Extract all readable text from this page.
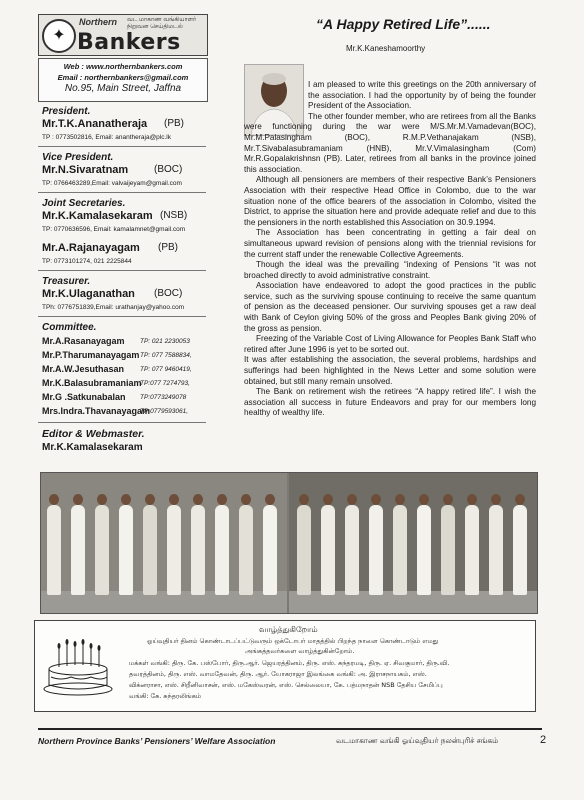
✦
Northern வட மாகாண வங்கியாளர் நிறுவன செய்திமடல்
Bankers
Web : www.northernbankers.com
Email : northernbankers@gmail.com
No.95, Main Street, Jaffna
President.
Mr.T.K.Ananatheraja (PB)
TP : 0773502816, Email: anantheraja@plc.lk
Vice President.
Mr.N.Sivaratnam	(BOC)
TP: 0766463289,Email: valvaijeyam@gmail.com
Joint Secretaries.
Mr.K.Kamalasekaram (NSB)
TP: 0770636596, Email: kamalamnet@gmail.com
Mr.A.Rajanayagam (PB)
TP: 0773101274, 021 2225844
Treasurer.
Mr.K.Ulaganathan (BOC)
TPh: 0776751839,Email: urathanjay@yahoo.com
Committee.
Mr.A.Rasanayagam TP: 021 2230053
Mr.P.Tharumanayagam TP: 077 7588834,
Mr.A.W.Jesuthasan TP: 077 9460419,
Mr.K.Balasubramaniam
TP:077 7274793,
Mr.G .Satkunabalan TP:0773249078
Mrs.Indra.Thavanayagam
TP:0779593061,
Editor & Webmaster.
Mr.K.Kamalasekaram
“A Happy Retired Life”......
Mr.K.Kaneshamoorthy

I am pleased to write this greetings on the 20th anniversary of the association. I had the opportunity by of being the founder President of the Association.

The other founder member, who are retirees from all the Banks were functioning during the war were M/S.Mr.M.Vamadevan(BOC), Mr.M.Palasingham (BOC), R.M.P.Vethanajakam (NSB), Mr.T.Sivabalasubramaniam (HNB), Mr.V.Vimalasingham (Com) Mr.R.Gopalakrishnsn (PB). Later, retirees from all banks in the province joined this association.

Although all pensioners are members of their respective Bank’s Pensioners Association with their respective Head Office in Colombo, due to the war situation none of the office bearers of the association in Colombo, visited the District, to apprise the situation here and provide adequate relief and due to this the pensioners in the north established this Association on 30.9.1994.

The Association has been concentrating in getting a fair deal on simultaneous upward revision of pensions along with the triennial revisions for the current staff under the renewable Collective Agreements.

Though the ideal was the prevailing “indexing of Pensions “it was not broached directly to avoid administrative constraint.

Association have endeavored to adopt the good practices in the public service, such as the surviving spouse continuing to receive the same quantum of pension as the deceased pensioner. Our surviving spouses get a raw deal with Bank of Ceylon giving 50% of the gross and Peoples Bank giving 20% of the gross as pension.

Freezing of the Variable Cost of Living Allowance for Peoples Bank Staff who retired after June 1996 is yet to be sorted out.

It was after establishing the association, the several problems, hardships and sufferings had been highlighted in the News Letter and some solution were obtained, but still many remain unsolved.

The Bank on retirement wish the retirees “A happy retired life”. I wish the association all success in future Endeavors and pray for our members long healthy of wealthy life.

வாழ்த்துகிறோம்
ஓய்வுதியர் தினம் கொண்டாடப்பட்டுவரும் ஒக்டோபர் மாதத்தில் பிறந்த நாளை கொண்டாடும் எமது
அங்கத்தவர்களை வாழ்த்துகின்றோம்.
மக்கள் வங்கி: திரு. கே. பஸ்போர், திரு.ஆர். ஜெயரத்தினம், திரு. எஸ். சுந்தரமடி, திரு. ஏ. சிவகுமார், திரு.வி.
தவரத்தினம், திரு. எஸ். வாமதேவன், திரு. ஆர். யோகராஜா இலங்கை வங்கி: அ. இராசநாயகம், எஸ்.
விக்னராசா, எஸ். சிறீனிவாசன், எஸ். மகேஸ்வரன், எஸ். செல்லையா, கே. பத்மநாதன் NSB தேசிய சேமிப்பு
வங்கி: கே. சுந்தரலிங்கம்
Northern Province Banks’ Pensioners’ Welfare Association	வடமாகாண வங்கி ஓய்வுதியர் நலன்புரிச் சங்கம்	2
